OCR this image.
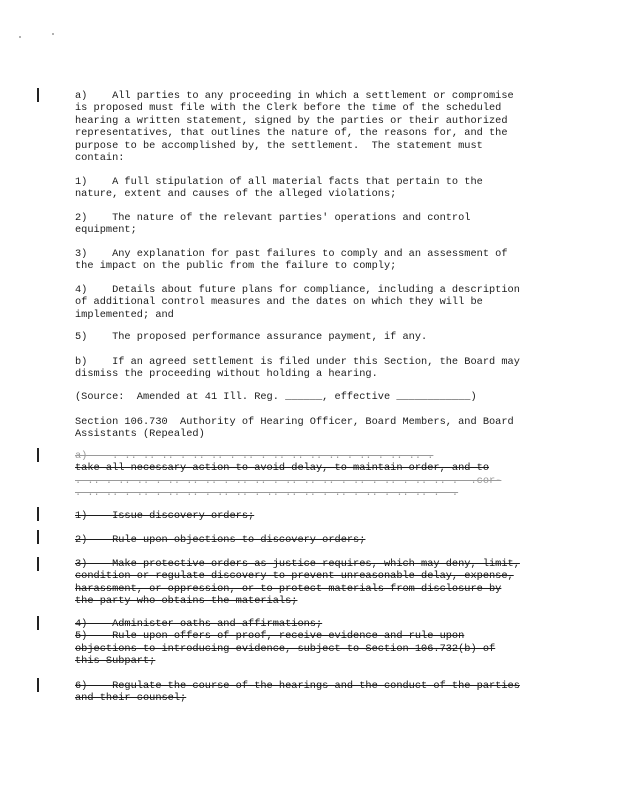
a)    All parties to any proceeding in which a settlement or compromise
is proposed must file with the Clerk before the time of the scheduled
hearing a written statement, signed by the parties or their authorized
representatives, that outlines the nature of, the reasons for, and the
purpose to be accomplished by, the settlement.  The statement must
contain:
1)    A full stipulation of all material facts that pertain to the
nature, extent and causes of the alleged violations;
2)    The nature of the relevant parties' operations and control
equipment;
3)    Any explanation for past failures to comply and an assessment of
the impact on the public from the failure to comply;
4)    Details about future plans for compliance, including a description
of additional control measures and the dates on which they will be
implemented; and
5)    The proposed performance assurance payment, if any.
b)    If an agreed settlement is filed under this Section, the Board may
dismiss the proceeding without holding a hearing.
(Source:  Amended at 41 Ill. Reg. ______, effective ____________)
Section 106.730  Authority of Hearing Officer, Board Members, and Board
Assistants (Repealed)
a)    . .. .. .. . .. .. . .. . .. .. .. .. . .. . .. .. .
take all necessary action to avoid delay, to maintain order, and to
. .. . .. .. . .. .. .. . .. .. . .. .. .. . .. . .. . .. .. .  .cor-
. .. .. . .. . .. .. . .. .. . .. .. .. . .. . .. . .. .. .  .
1)    Issue discovery orders;
2)    Rule upon objections to discovery orders;
3)    Make protective orders as justice requires, which may deny, limit,
condition or regulate discovery to prevent unreasonable delay, expense,
harassment, or oppression, or to protect materials from disclosure by
the party who obtains the materials;
4)    Administer oaths and affirmations;
5)    Rule upon offers of proof, receive evidence and rule upon
objections to introducing evidence, subject to Section 106.732(b) of
this Subpart;
6)    Regulate the course of the hearings and the conduct of the parties
and their counsel;
